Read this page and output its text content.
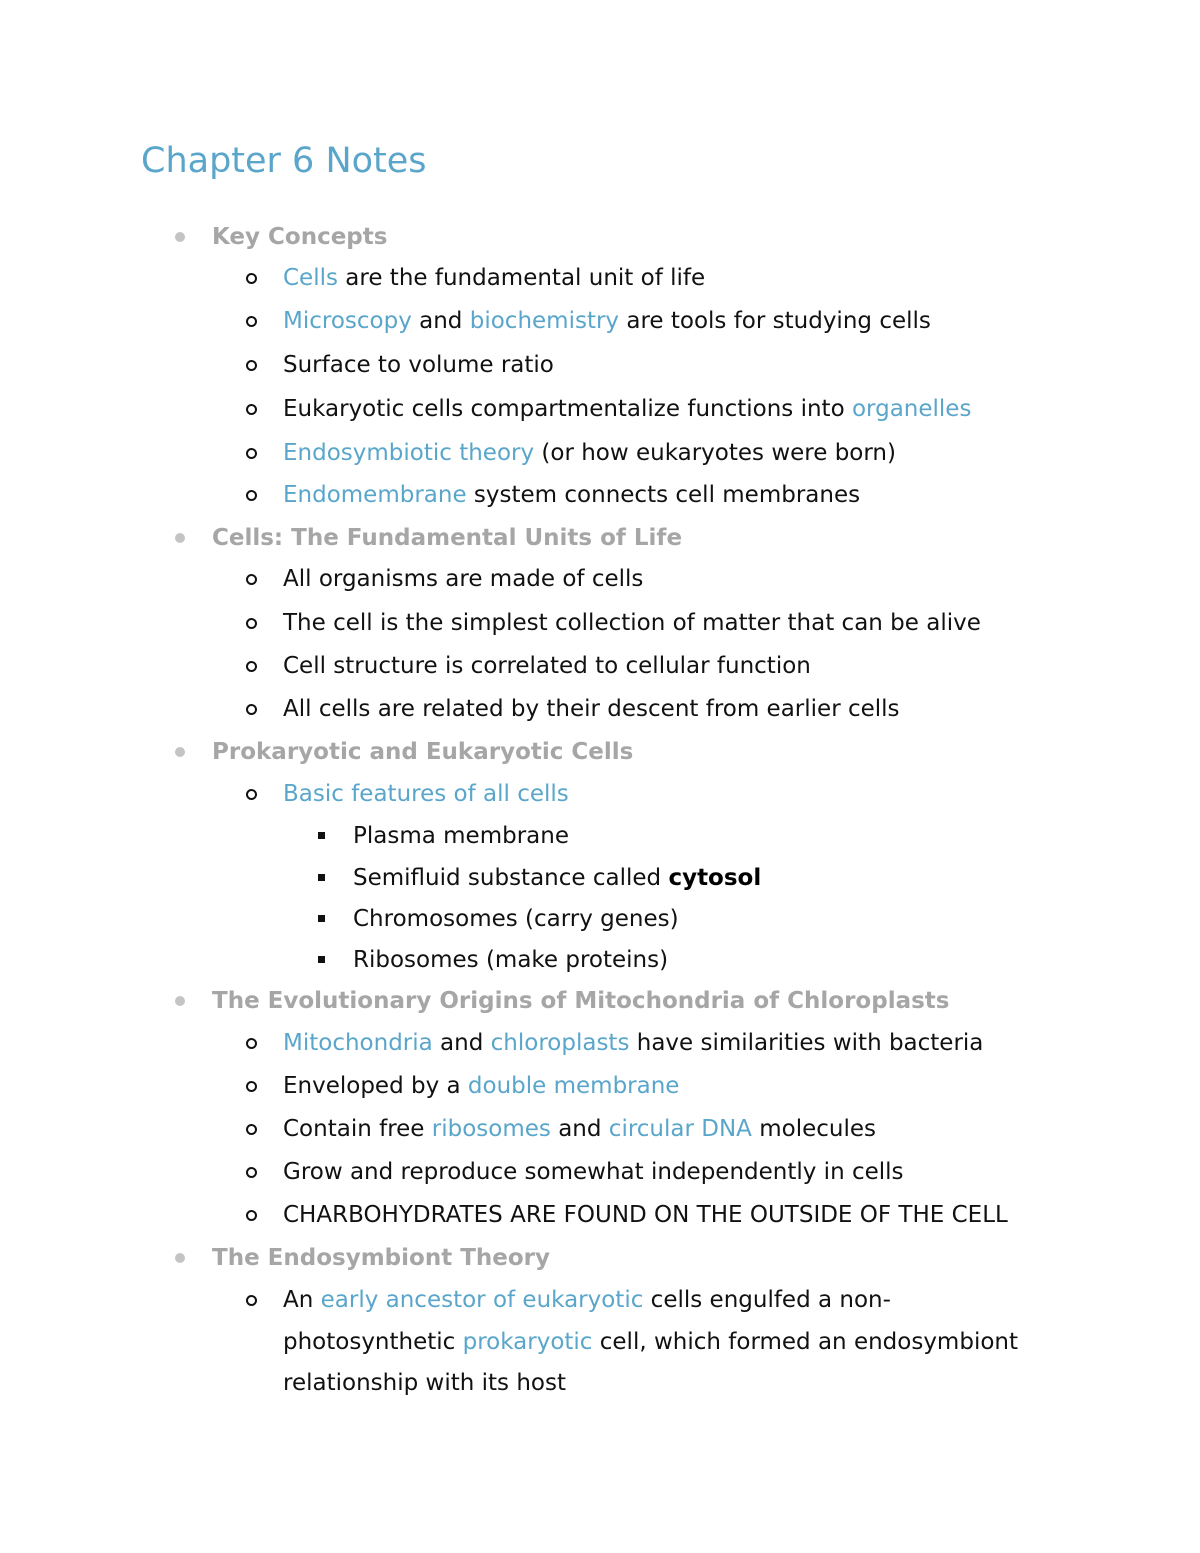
Chapter 6 Notes
Key Concepts
Cells are the fundamental unit of life
Microscopy and biochemistry are tools for studying cells
Surface to volume ratio
Eukaryotic cells compartmentalize functions into organelles
Endosymbiotic theory (or how eukaryotes were born)
Endomembrane system connects cell membranes
Cells: The Fundamental Units of Life
All organisms are made of cells
The cell is the simplest collection of matter that can be alive
Cell structure is correlated to cellular function
All cells are related by their descent from earlier cells
Prokaryotic and Eukaryotic Cells
Basic features of all cells
Plasma membrane
Semifluid substance called cytosol
Chromosomes (carry genes)
Ribosomes (make proteins)
The Evolutionary Origins of Mitochondria of Chloroplasts
Mitochondria and chloroplasts have similarities with bacteria
Enveloped by a double membrane
Contain free ribosomes and circular DNA molecules
Grow and reproduce somewhat independently in cells
CHARBOHYDRATES ARE FOUND ON THE OUTSIDE OF THE CELL
The Endosymbiont Theory
An early ancestor of eukaryotic cells engulfed a non-
photosynthetic prokaryotic cell, which formed an endosymbiont
relationship with its host
